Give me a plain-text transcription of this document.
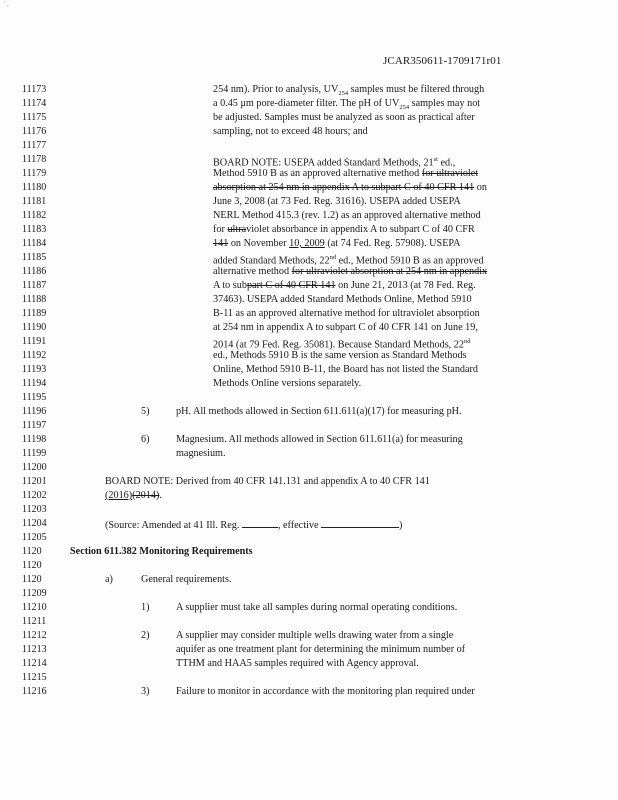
' ,
JCAR350611-1709171r01
11173
11174
11175
11176
11177
11178
11179
11180
11181
11182
11183
11184
11185
11186
11187
11188
11189
11190
11191
11192
11193
11194
11195
11196
11197
11198
11199
11200
11201
11202
11203
11204
11205
1120
1120
1120
11209
11210
11211
11212
11213
11214
11215
11216
254 nm). Prior to analysis, $UV_{254}$ samples must be filtered through
a 0.45 μm pore-diameter filter. The pH of $UV_{254}$ samples may not
be adjusted. Samples must be analyzed as soon as practical after
sampling, not to exceed 48 hours; and
BOARD NOTE: USEPA added Standard Methods, 21st ed.,
Method 5910 B as an approved alternative method for ultraviolet
absorption at 254 nm in appendix A to subpart C of 40 CFR 141 on
June 3, 2008 (at 73 Fed. Reg. 31616). USEPA added USEPA
NERL Method 415.3 (rev. 1.2) as an approved alternative method
for ultraviolet absorbance in appendix A to subpart C of 40 CFR
141 on November 10, 2009 (at 74 Fed. Reg. 57908). USEPA
added Standard Methods, 22nd ed., Method 5910 B as an approved
alternative method for ultraviolet absorption at 254 nm in appendix
A to subpart C of 40 CFR 141 on June 21, 2013 (at 78 Fed. Reg.
37463). USEPA added Standard Methods Online, Method 5910
B-11 as an approved alternative method for ultraviolet absorption
at 254 nm in appendix A to subpart C of 40 CFR 141 on June 19,
2014 (at 79 Fed. Reg. 35081). Because Standard Methods, 22nd
ed., Methods 5910 B is the same version as Standard Methods
Online, Method 5910 B-11, the Board has not listed the Standard
Methods Online versions separately.
5)	pH. All methods allowed in Section 611.611(a)(17) for measuring pH.
6)	Magnesium. All methods allowed in Section 611.611(a) for measuring
magnesium.
BOARD NOTE: Derived from 40 CFR 141.131 and appendix A to 40 CFR 141
(2016)(2014).
(Source: Amended at 41 Ill. Reg.	, effective	)
Section 611.382 Monitoring Requirements
a)	General requirements.
1)	A supplier must take all samples during normal operating conditions.
2)	A supplier may consider multiple wells drawing water from a single
aquifer as one treatment plant for determining the minimum number of
TTHM and HAA5 samples required with Agency approval.
3)	Failure to monitor in accordance with the monitoring plan required under
